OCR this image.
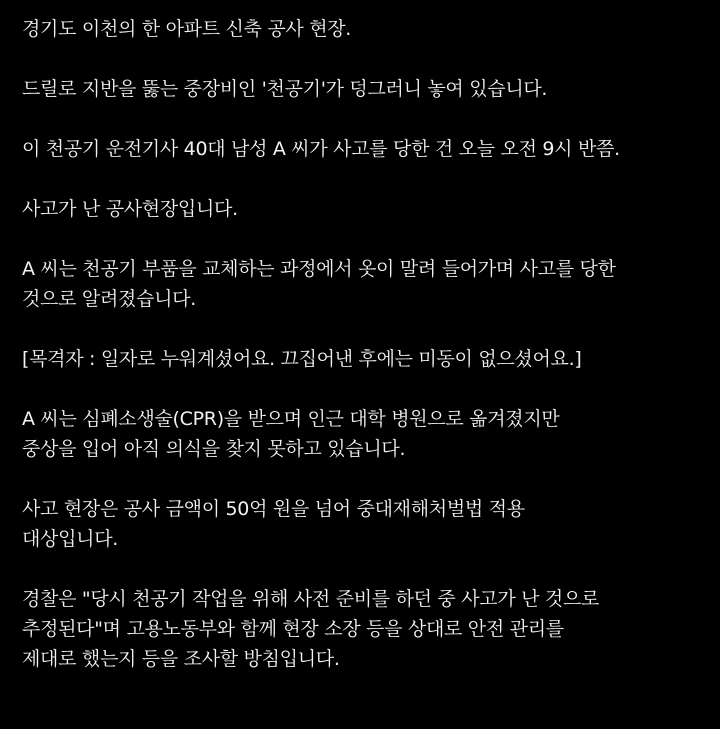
경기도 이천의 한 아파트 신축 공사 현장.

드릴로 지반을 뚫는 중장비인 '천공기'가 덩그러니 놓여 있습니다.

이 천공기 운전기사 40대 남성 A 씨가 사고를 당한 건 오늘 오전 9시 반쯤.

사고가 난 공사현장입니다.

A 씨는 천공기 부품을 교체하는 과정에서 옷이 말려 들어가며 사고를 당한
것으로 알려졌습니다.

[목격자 : 일자로 누워계셨어요. 끄집어낸 후에는 미동이 없으셨어요.]

A 씨는 심폐소생술(CPR)을 받으며 인근 대학 병원으로 옮겨졌지만
중상을 입어 아직 의식을 찾지 못하고 있습니다.

사고 현장은 공사 금액이 50억 원을 넘어 중대재해처벌법 적용
대상입니다.

경찰은 "당시 천공기 작업을 위해 사전 준비를 하던 중 사고가 난 것으로
추정된다"며 고용노동부와 함께 현장 소장 등을 상대로 안전 관리를
제대로 했는지 등을 조사할 방침입니다.
